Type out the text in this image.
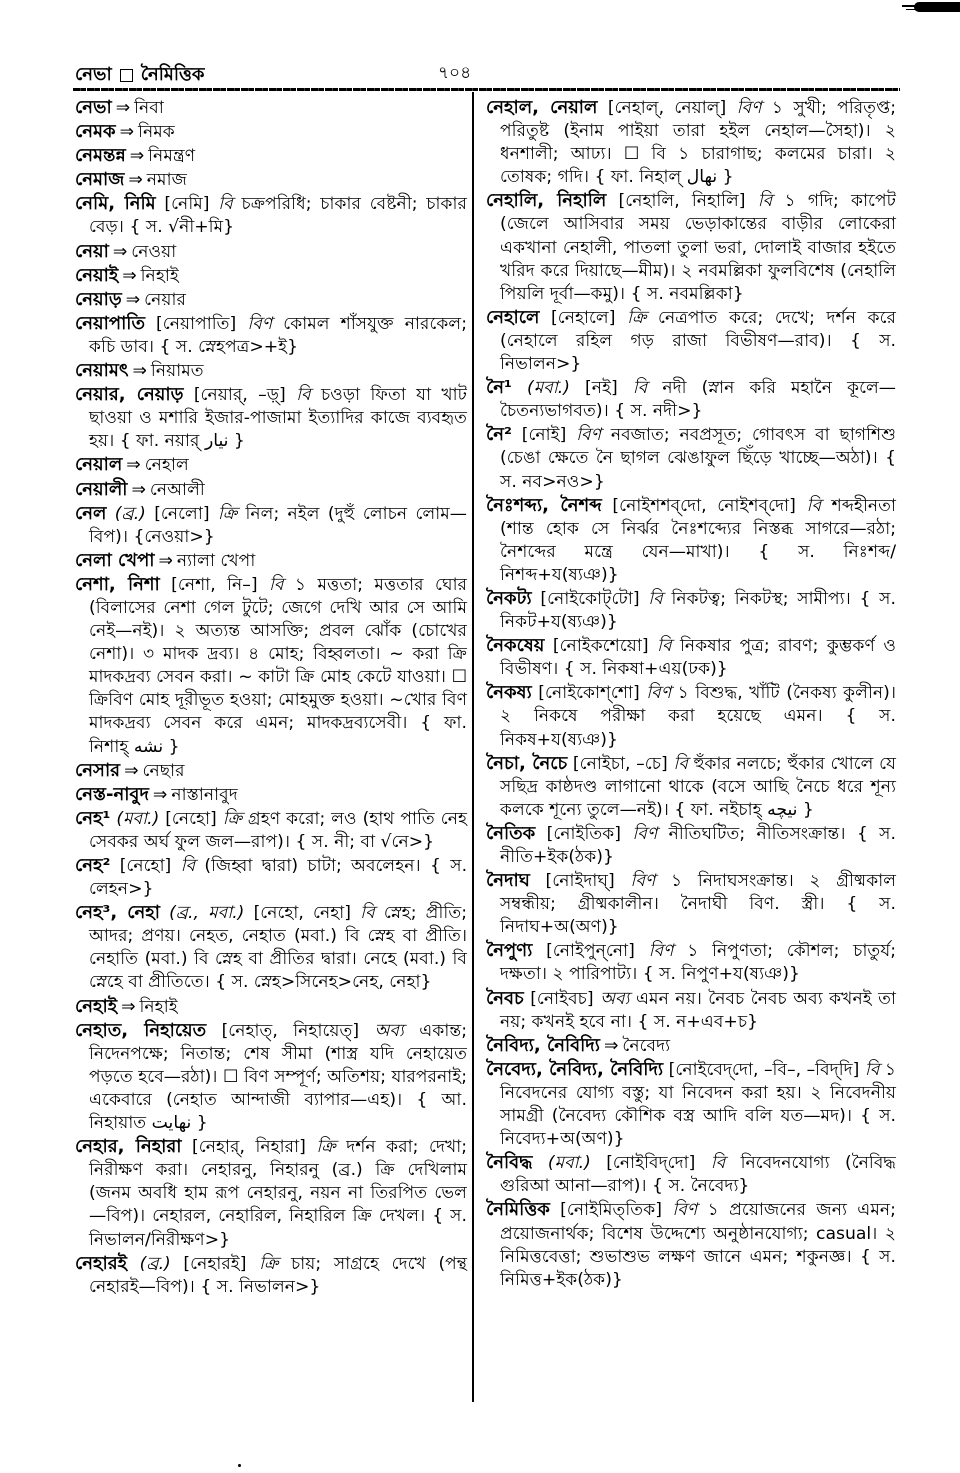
নেভা নৈমিত্তিক	৭০৪

নেভা ⇒ নিবা

নেমক ⇒ নিমক

নেমন্তন্ন ⇒ নিমন্ত্রণ

নেমাজ ⇒ নমাজ

নেমি, নিমি [নেমি] বি চক্রপরিধি; চাকার বেষ্টনী; চাকার বেড়। { স. √নী+মি}

নেয়া ⇒ নেওয়া

নেয়াই ⇒ নিহাই

নেয়াড় ⇒ নেয়ার

নেয়াপাতি [নেয়াপাতি] বিণ কোমল শাঁসযুক্ত নারকেল; কচি ডাব। { স. স্নেহপত্র>+ই}

নেয়ামৎ ⇒ নিয়ামত

নেয়ার, নেয়াড় [নেয়ার্, –ড়্] বি চওড়া ফিতা যা খাট ছাওয়া ও মশারি ইজার-পাজামা ইত্যাদির কাজে ব্যবহৃত হয়। { ফা. নয়ার্ نيار }

নেয়াল ⇒ নেহাল

নেয়ালী ⇒ নেআলী

নেল (ব্র.) [নেলো] ক্রি নিল; নইল (দুহুঁ লোচন লোম—বিপ)। {নেওয়া>}

নেলা খেপা ⇒ ন্যালা খেপা

নেশা, নিশা [নেশা, নি–] বি ১ মত্ততা; মত্ততার ঘোর (বিলাসের নেশা গেল টুটে; জেগে দেখি আর সে আমি নেই—নই)। ২ অত্যন্ত আসক্তি; প্রবল ঝোঁক (চোখের নেশা)। ৩ মাদক দ্রব্য। ৪ মোহ; বিহ্বলতা। ~ করা ক্রি মাদকদ্রব্য সেবন করা। ~ কাটা ক্রি মোহ কেটে যাওয়া। ☐ ক্রিবিণ মোহ দূরীভূত হওয়া; মোহমুক্ত হওয়া। ~খোর বিণ মাদকদ্রব্য সেবন করে এমন; মাদকদ্রব্যসেবী। { ফা. নিশাহ্ نشه }

নেসার ⇒ নেছার

নেস্ত-নাবুদ ⇒ নাস্তানাবুদ

নেহ¹ (মবা.) [নেহো] ক্রি গ্রহণ করো; লও (হাথ পাতি নেহ সেবকর অর্ঘ ফুল জল—রাপ)। { স. নী; বা √নে>}

নেহ² [নেহো] বি (জিহ্বা দ্বারা) চাটা; অবলেহন। { স. লেহন>}

নেহ³, নেহা (ব্র., মবা.) [নেহো, নেহা] বি স্নেহ; প্রীতি; আদর; প্রণয়। নেহত, নেহাত (মবা.) বি স্নেহ বা প্রীতি। নেহাতি (মবা.) বি স্নেহ বা প্রীতির দ্বারা। নেহে (মবা.) বি স্নেহে বা প্রীতিতে। { স. স্নেহ>সিনেহ>নেহ, নেহা}

নেহাই ⇒ নিহাই

নেহাত, নিহায়েত [নেহাত্, নিহায়েত্] অব্য একান্ত; নিদেনপক্ষে; নিতান্ত; শেষ সীমা (শাস্ত্র যদি নেহায়েত পড়তে হবে—রঠা)। ☐ বিণ সম্পূর্ণ; অতিশয়; যারপরনাই; একেবারে (নেহাত আন্দাজী ব্যাপার—এহ)। { আ. নিহায়াত نهايت }

নেহার, নিহারা [নেহার্, নিহারা] ক্রি দর্শন করা; দেখা; নিরীক্ষণ করা। নেহারনু, নিহারনু (ব্র.) ক্রি দেখিলাম (জনম অবধি হাম রূপ নেহারনু, নয়ন না তিরপিত ভেল—বিপ)। নেহারল, নেহারিল, নিহারিল ক্রি দেখল। { স. নিভালন/নিরীক্ষণ>}

নেহারই (ব্র.) [নেহারই] ক্রি চায়; সাগ্রহে দেখে (পন্থ নেহারই—বিপ)। { স. নিভালন>}

নেহাল, নেয়াল [নেহাল্, নেয়াল্] বিণ ১ সুখী; পরিতৃপ্ত; পরিতুষ্ট (ইনাম পাইয়া তারা হইল নেহাল—সৈহা)। ২ ধনশালী; আঢ্য। ☐ বি ১ চারাগাছ; কলমের চারা। ২ তোষক; গদি। { ফা. নিহাল্ نهال }

নেহালি, নিহালি [নেহালি, নিহালি] বি ১ গদি; কাপেট (জেলে আসিবার সময় ভেড়াকান্তের বাড়ীর লোকেরা একখানা নেহালী, পাতলা তুলা ভরা, দোলাই বাজার হইতে খরিদ করে দিয়াছে—মীম)। ২ নবমল্লিকা ফুলবিশেষ (নেহালি পিয়লি দূর্বা—কমু)। { স. নবমল্লিকা}

নেহালে [নেহালে] ক্রি নেত্রপাত করে; দেখে; দর্শন করে (নেহালে রহিল গড় রাজা বিভীষণ—রাব)। { স. নিভালন>}

নৈ¹ (মবা.) [নই] বি নদী (স্নান করি মহানৈ কূলে—চৈতন্যভাগবত)। { স. নদী>}

নৈ² [নোই] বিণ নবজাত; নবপ্রসূত; গোবৎস বা ছাগশিশু (চেঙা ক্ষেতে নৈ ছাগল ঝেঙাফুল ছিঁড়ে খাচ্ছে—অঠা)। { স. নব>নও>}

নৈঃশব্দ্য, নৈশব্দ [নোইশশব্‌দো, নোইশব্‌দো] বি শব্দহীনতা (শান্ত হোক সে নির্ঝর নৈঃশব্দ্যের নিস্তব্ধ সাগরে—রঠা; নৈশব্দের মন্ত্রে যেন—মাখা)। { স. নিঃশব্দ/নিশব্দ+য(ষ্যঞ)}

নৈকট্য [নোইকোট্‌টো] বি নিকটত্ব; নিকটস্থ; সামীপ্য। { স. নিকট+য(ষ্যঞ)}

নৈকষেয় [নোইকশেয়ো] বি নিকষার পুত্র; রাবণ; কুম্ভকর্ণ ও বিভীষণ। { স. নিকষা+এয়(ঢক)}

নৈকষ্য [নোইকোশ্‌শো] বিণ ১ বিশুদ্ধ, খাঁটি (নৈকষ্য কুলীন)। ২ নিকষে পরীক্ষা করা হয়েছে এমন। { স. নিকষ+য(ষ্যঞ)}

নৈচা, নৈচে [নোইচা, –চে] বি হুঁকার নলচে; হুঁকার খোলে যে সছিদ্র কাষ্ঠদণ্ড লাগানো থাকে (বসে আছি নৈচে ধরে শূন্য কলকে শূন্যে তুলে—নই)। { ফা. নইচাহ্ نيچه }

নৈতিক [নোইতিক] বিণ নীতিঘটিত; নীতিসংক্রান্ত। { স. নীতি+ইক(ঠক)}

নৈদাঘ [নোইদাঘ্] বিণ ১ নিদাঘসংক্রান্ত। ২ গ্রীষ্মকাল সম্বন্ধীয়; গ্রীষ্মকালীন। নৈদাঘী বিণ. স্ত্রী। { স. নিদাঘ+অ(অণ)}

নৈপুণ্য [নোইপুন্‌নো] বিণ ১ নিপুণতা; কৌশল; চাতুর্য; দক্ষতা। ২ পারিপাট্য। { স. নিপুণ+য(ষ্যঞ)}

নৈবচ [নোইবচ] অব্য এমন নয়। নৈবচ নৈবচ অব্য কখনই তা নয়; কখনই হবে না। { স. ন+এব+চ}

নৈবিদ্য, নৈবিদ্যি ⇒ নৈবেদ্য

নৈবেদ্য, নৈবিদ্য, নৈবিদ্যি [নোইবেদ্‌দো, –বি–, –বিদ্‌দি] বি ১ নিবেদনের যোগ্য বস্তু; যা নিবেদন করা হয়। ২ নিবেদনীয় সামগ্রী (নৈবেদ্য কৌশিক বস্ত্র আদি বলি যত—মদ)। { স. নিবেদ্য+অ(অণ)}

নৈবিদ্ধ (মবা.) [নোইবিদ্‌দো] বি নিবেদনযোগ্য (নৈবিদ্ধ গুরিআ আনা—রাপ)। { স. নৈবেদ্য}

নৈমিত্তিক [নোইমিত্‌তিক] বিণ ১ প্রয়োজনের জন্য এমন; প্রয়োজনার্থক; বিশেষ উদ্দেশ্যে অনুষ্ঠানযোগ্য; casual। ২ নিমিত্তবেত্তা; শুভাশুভ লক্ষণ জানে এমন; শকুনজ্ঞ। { স. নিমিত্ত+ইক(ঠক)}
